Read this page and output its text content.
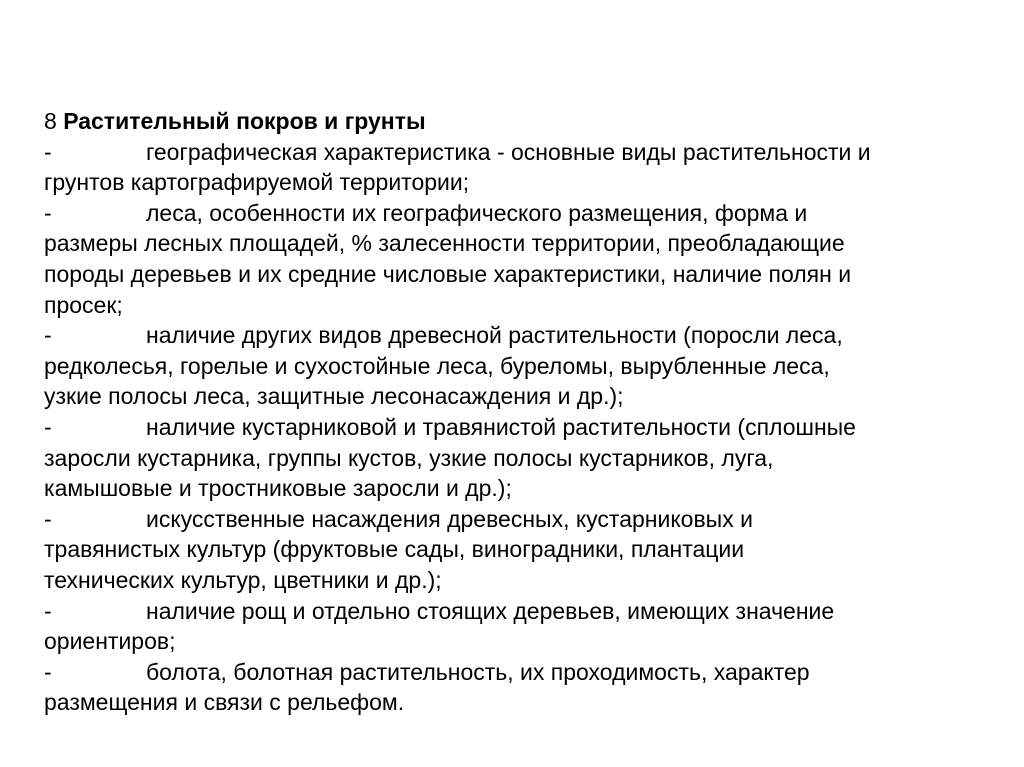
8 Растительный покров и грунты

-	географическая характеристика - основные виды растительности и
грунтов картографируемой территории;
-	леса, особенности их географического размещения, форма и
размеры лесных площадей, % залесенности территории, преобладающие
породы деревьев и их средние числовые характеристики, наличие полян и
просек;
-	наличие других видов древесной растительности (поросли леса,
редколесья, горелые и сухостойные леса, буреломы, вырубленные леса,
узкие полосы леса, защитные лесонасаждения и др.);
-	наличие кустарниковой и травянистой растительности (сплошные
заросли кустарника, группы кустов, узкие полосы кустарников, луга,
камышовые и тростниковые заросли и др.);
-	искусственные насаждения древесных, кустарниковых и
травянистых культур (фруктовые сады, виноградники, плантации
технических культур, цветники и др.);
-	наличие рощ и отдельно стоящих деревьев, имеющих значение
ориентиров;
-	болота, болотная растительность, их проходимость, характер
размещения и связи с рельефом.
